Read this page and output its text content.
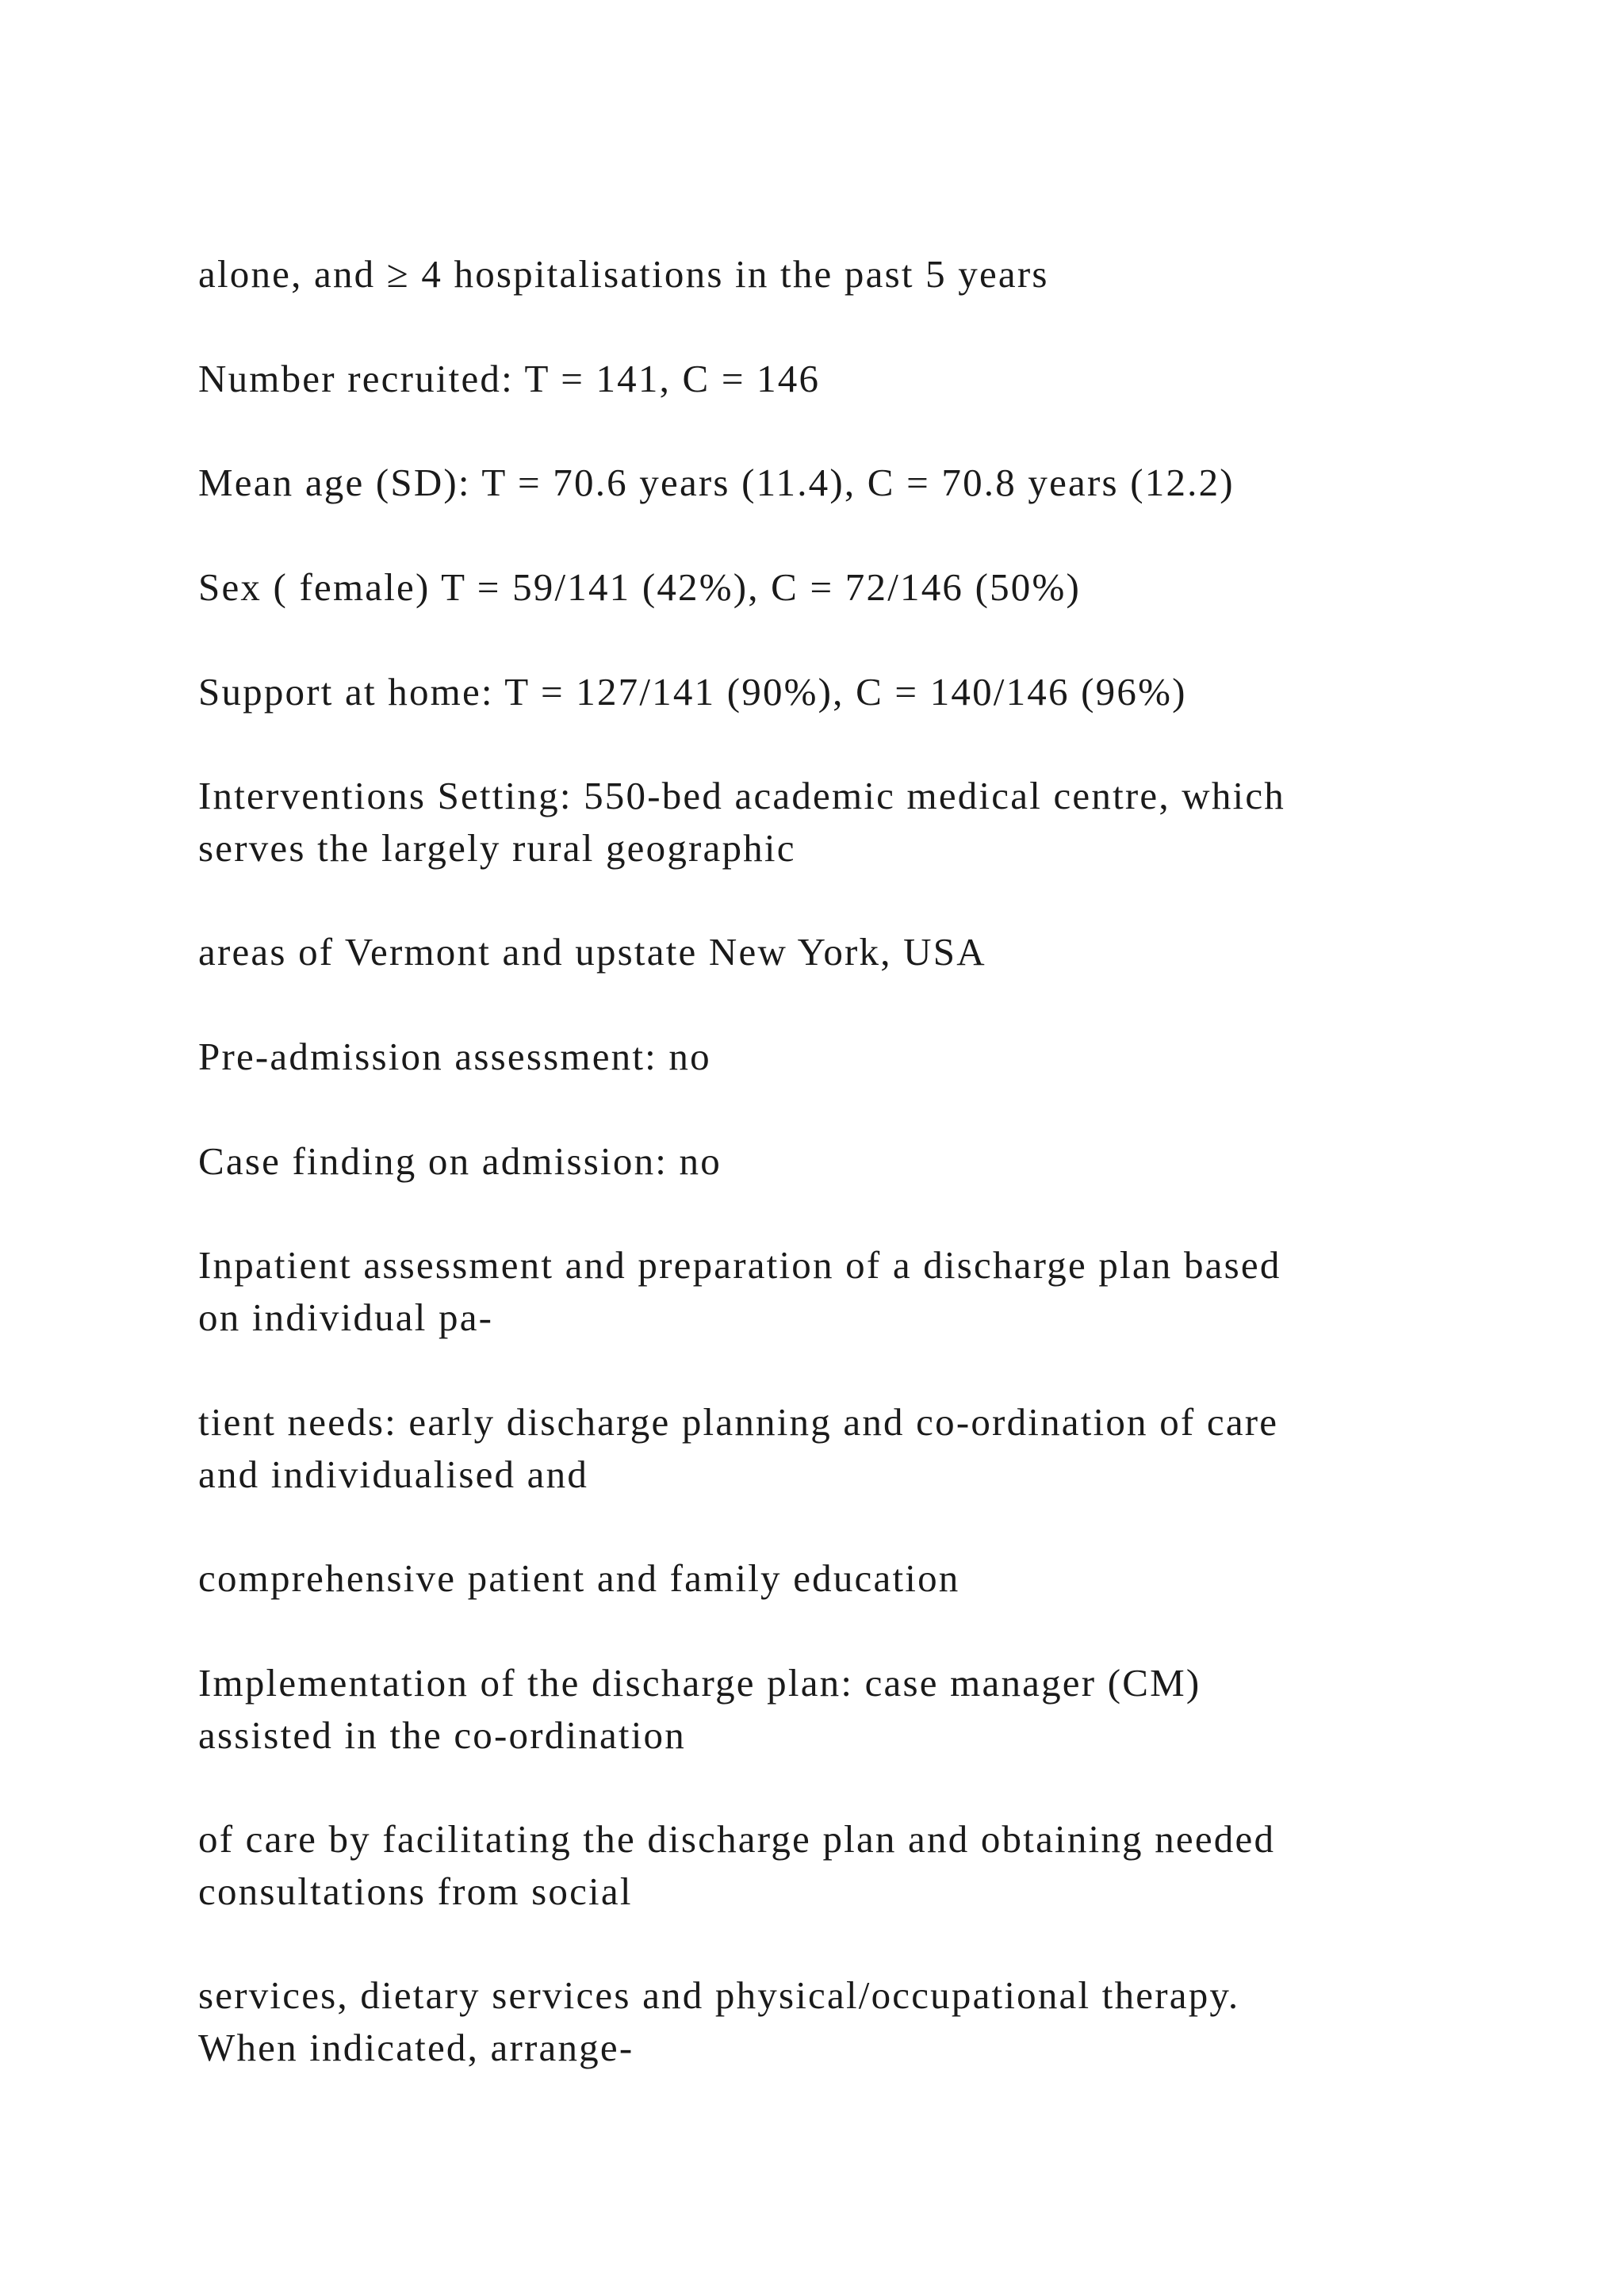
alone, and ≥ 4 hospitalisations in the past 5 years

Number recruited: T = 141, C = 146

Mean age (SD): T = 70.6 years (11.4), C = 70.8 years (12.2)

Sex ( female) T = 59/141 (42%), C = 72/146 (50%)

Support at home: T = 127/141 (90%), C = 140/146 (96%)

Interventions Setting: 550-bed academic medical centre, which
serves the largely rural geographic

areas of Vermont and upstate New York, USA

Pre-admission assessment: no

Case finding on admission: no

Inpatient assessment and preparation of a discharge plan based
on individual pa-

tient needs: early discharge planning and co-ordination of care
and individualised and

comprehensive patient and family education

Implementation of the discharge plan: case manager (CM)
assisted in the co-ordination

of care by facilitating the discharge plan and obtaining needed
consultations from social

services, dietary services and physical/occupational therapy.
When indicated, arrange-
